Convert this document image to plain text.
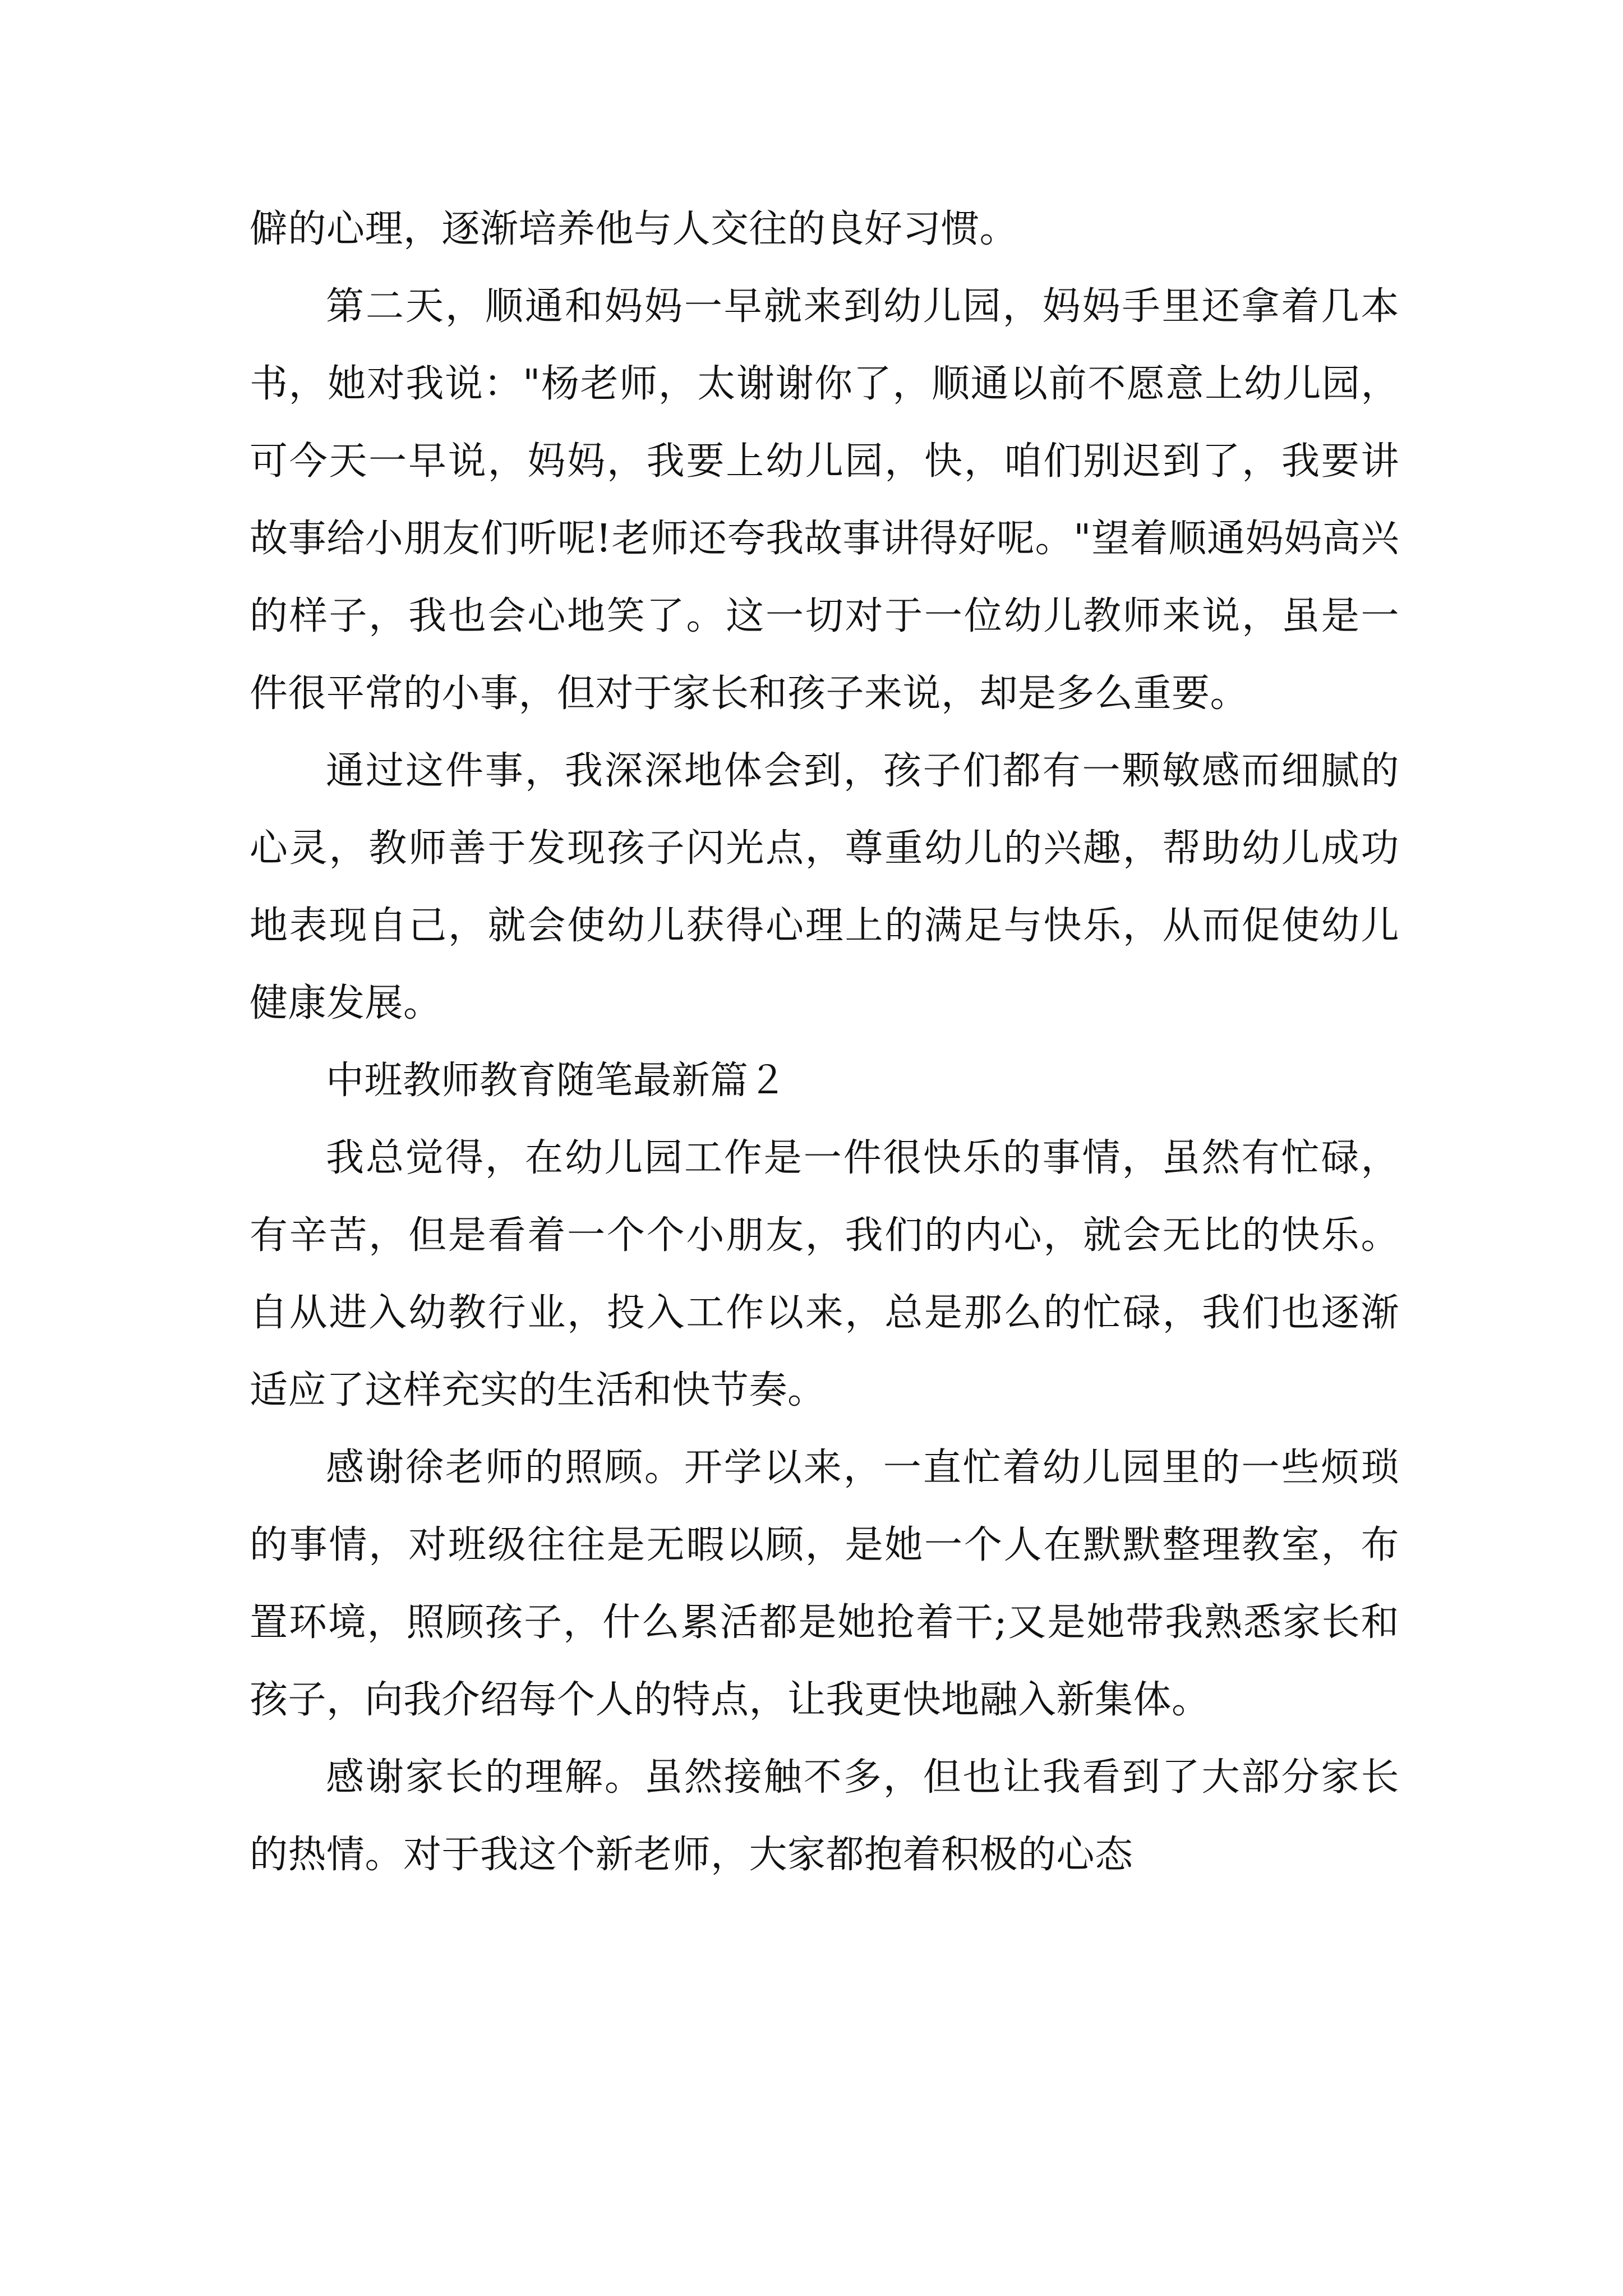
僻的心理，逐渐培养他与人交往的良好习惯。

第二天，顺通和妈妈一早就来到幼儿园，妈妈手里还拿着几本书，她对我说："杨老师，太谢谢你了，顺通以前不愿意上幼儿园，可今天一早说，妈妈，我要上幼儿园，快，咱们别迟到了，我要讲故事给小朋友们听呢!老师还夸我故事讲得好呢。"望着顺通妈妈高兴的样子，我也会心地笑了。这一切对于一位幼儿教师来说，虽是一件很平常的小事，但对于家长和孩子来说，却是多么重要。

通过这件事，我深深地体会到，孩子们都有一颗敏感而细腻的心灵，教师善于发现孩子闪光点，尊重幼儿的兴趣，帮助幼儿成功地表现自己，就会使幼儿获得心理上的满足与快乐，从而促使幼儿健康发展。

中班教师教育随笔最新篇２

我总觉得，在幼儿园工作是一件很快乐的事情，虽然有忙碌，有辛苦，但是看着一个个小朋友，我们的内心，就会无比的快乐。自从进入幼教行业，投入工作以来，总是那么的忙碌，我们也逐渐适应了这样充实的生活和快节奏。

感谢徐老师的照顾。开学以来，一直忙着幼儿园里的一些烦琐的事情，对班级往往是无暇以顾，是她一个人在默默整理教室，布置环境，照顾孩子，什么累活都是她抢着干;又是她带我熟悉家长和孩子，向我介绍每个人的特点，让我更快地融入新集体。

感谢家长的理解。虽然接触不多，但也让我看到了大部分家长的热情。对于我这个新老师，大家都抱着积极的心态
